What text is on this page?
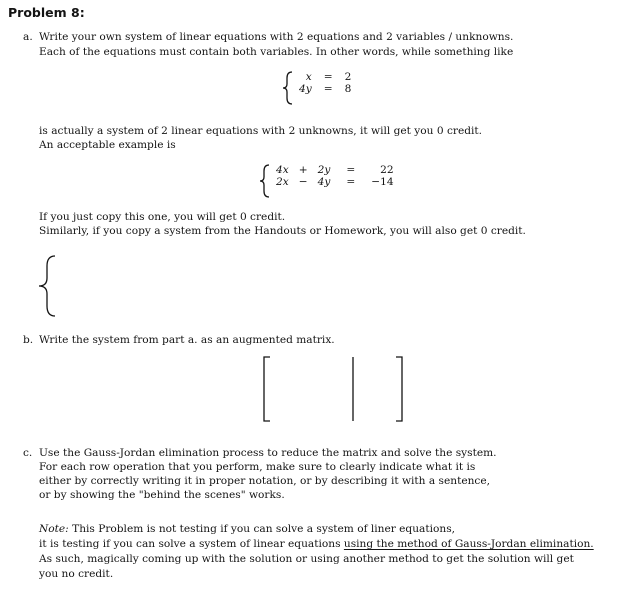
Problem 8:
a. Write your own system of linear equations with 2 equations and 2 variables / unknowns.
Each of the equations must contain both variables. In other words, while something like
x	=	2
4y	=	8
is actually a system of 2 linear equations with 2 unknowns, it will get you 0 credit.
An acceptable example is
4x	+	2y	=	22
2x	−	4y	=	−14
If you just copy this one, you will get 0 credit.
Similarly, if you copy a system from the Handouts or Homework, you will also get 0 credit.
b. Write the system from part a. as an augmented matrix.
c. Use the Gauss-Jordan elimination process to reduce the matrix and solve the system.
For each row operation that you perform, make sure to clearly indicate what it is
either by correctly writing it in proper notation, or by describing it with a sentence,
or by showing the "behind the scenes" works.
Note: This Problem is not testing if you can solve a system of liner equations,
it is testing if you can solve a system of linear equations using the method of Gauss-Jordan elimination.
As such, magically coming up with the solution or using another method to get the solution will get
you no credit.
